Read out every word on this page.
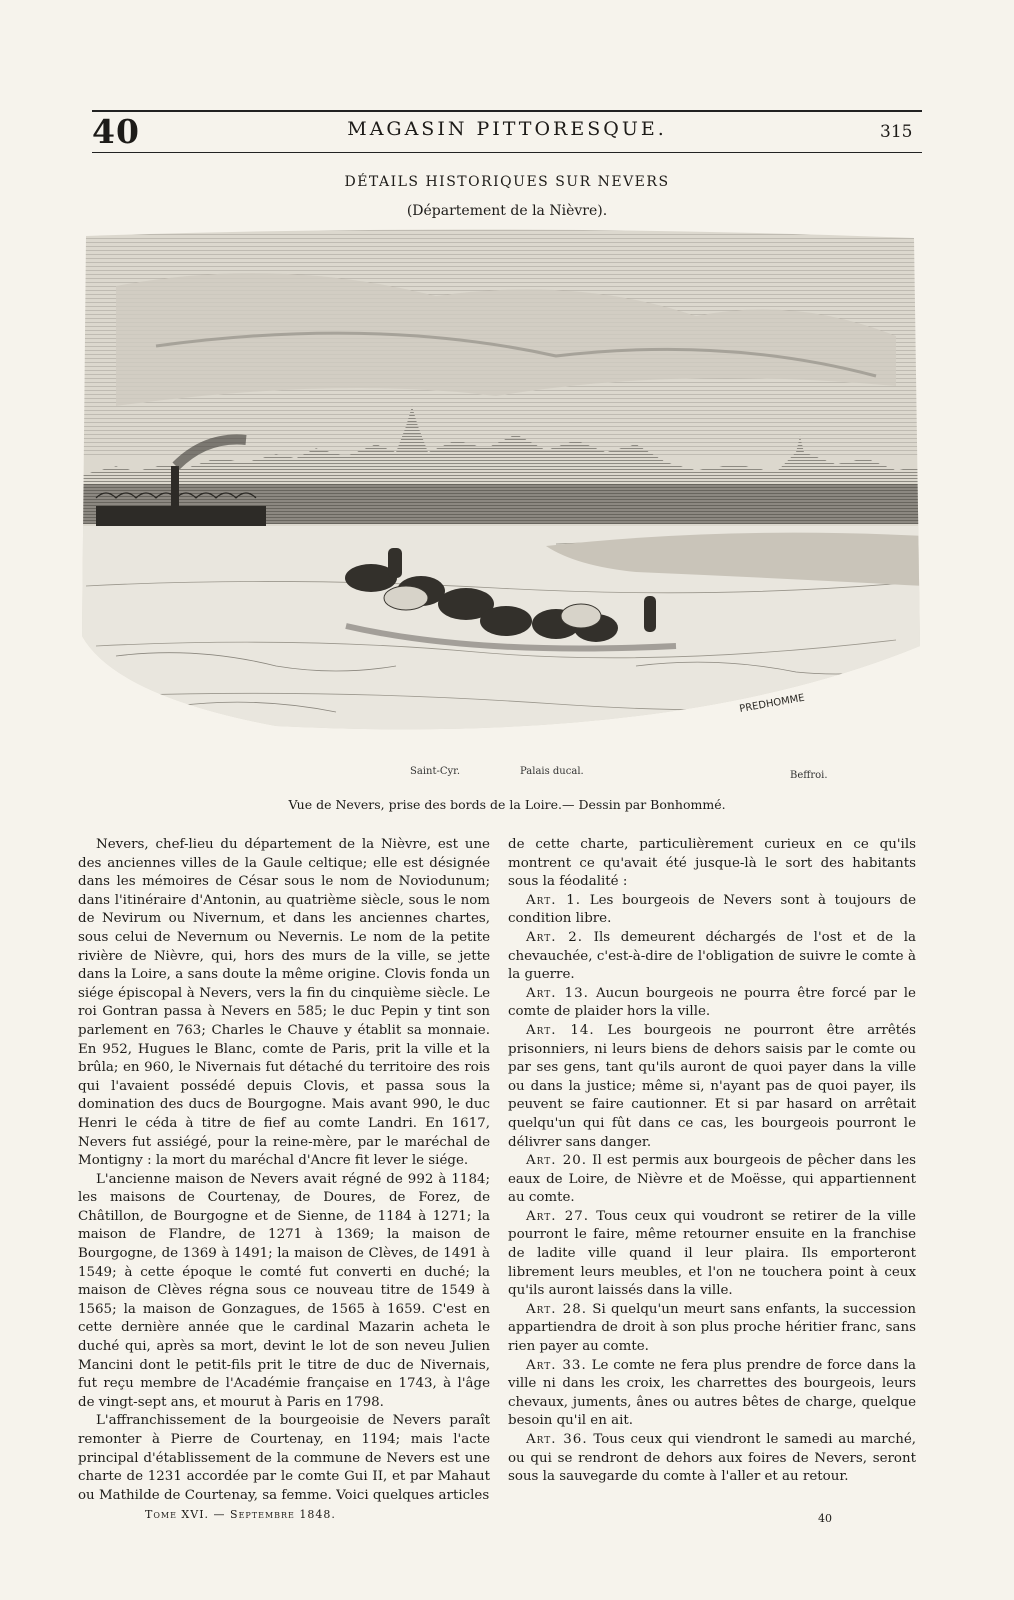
40	MAGASIN PITTORESQUE.	315
DÉTAILS HISTORIQUES SUR NEVERS
(Département de la Nièvre).
PREDHOMME
Saint-Cyr.	Palais ducal.	Beffroi.
Vue de Nevers, prise des bords de la Loire.— Dessin par Bonhommé.

Nevers, chef-lieu du département de la Nièvre, est une des anciennes villes de la Gaule celtique; elle est désignée dans les mémoires de César sous le nom de Noviodunum; dans l'itinéraire d'Antonin, au quatrième siècle, sous le nom de Nevirum ou Nivernum, et dans les anciennes chartes, sous celui de Nevernum ou Nevernis. Le nom de la petite rivière de Nièvre, qui, hors des murs de la ville, se jette dans la Loire, a sans doute la même origine. Clovis fonda un siége épiscopal à Nevers, vers la fin du cinquième siècle. Le roi Gontran passa à Nevers en 585; le duc Pepin y tint son parlement en 763; Charles le Chauve y établit sa monnaie. En 952, Hugues le Blanc, comte de Paris, prit la ville et la brûla; en 960, le Nivernais fut détaché du territoire des rois qui l'avaient possédé depuis Clovis, et passa sous la domination des ducs de Bourgogne. Mais avant 990, le duc Henri le céda à titre de fief au comte Landri. En 1617, Nevers fut assiégé, pour la reine-mère, par le maréchal de Montigny : la mort du maréchal d'Ancre fit lever le siége.

L'ancienne maison de Nevers avait régné de 992 à 1184; les maisons de Courtenay, de Doures, de Forez, de Châtillon, de Bourgogne et de Sienne, de 1184 à 1271; la maison de Flandre, de 1271 à 1369; la maison de Bourgogne, de 1369 à 1491; la maison de Clèves, de 1491 à 1549; à cette époque le comté fut converti en duché; la maison de Clèves régna sous ce nouveau titre de 1549 à 1565; la maison de Gonzagues, de 1565 à 1659. C'est en cette dernière année que le cardinal Mazarin acheta le duché qui, après sa mort, devint le lot de son neveu Julien Mancini dont le petit-fils prit le titre de duc de Nivernais, fut reçu membre de l'Académie française en 1743, à l'âge de vingt-sept ans, et mourut à Paris en 1798.

L'affranchissement de la bourgeoisie de Nevers paraît remonter à Pierre de Courtenay, en 1194; mais l'acte principal d'établissement de la commune de Nevers est une charte de 1231 accordée par le comte Gui II, et par Mahaut ou Mathilde de Courtenay, sa femme. Voici quelques articles

de cette charte, particulièrement curieux en ce qu'ils montrent ce qu'avait été jusque-là le sort des habitants sous la féodalité :

Art. 1. Les bourgeois de Nevers sont à toujours de condition libre.

Art. 2. Ils demeurent déchargés de l'ost et de la chevauchée, c'est-à-dire de l'obligation de suivre le comte à la guerre.

Art. 13. Aucun bourgeois ne pourra être forcé par le comte de plaider hors la ville.

Art. 14. Les bourgeois ne pourront être arrêtés prisonniers, ni leurs biens de dehors saisis par le comte ou par ses gens, tant qu'ils auront de quoi payer dans la ville ou dans la justice; même si, n'ayant pas de quoi payer, ils peuvent se faire cautionner. Et si par hasard on arrêtait quelqu'un qui fût dans ce cas, les bourgeois pourront le délivrer sans danger.

Art. 20. Il est permis aux bourgeois de pêcher dans les eaux de Loire, de Nièvre et de Moësse, qui appartiennent au comte.

Art. 27. Tous ceux qui voudront se retirer de la ville pourront le faire, même retourner ensuite en la franchise de ladite ville quand il leur plaira. Ils emporteront librement leurs meubles, et l'on ne touchera point à ceux qu'ils auront laissés dans la ville.

Art. 28. Si quelqu'un meurt sans enfants, la succession appartiendra de droit à son plus proche héritier franc, sans rien payer au comte.

Art. 33. Le comte ne fera plus prendre de force dans la ville ni dans les croix, les charrettes des bourgeois, leurs chevaux, juments, ânes ou autres bêtes de charge, quelque besoin qu'il en ait.

Art. 36. Tous ceux qui viendront le samedi au marché, ou qui se rendront de dehors aux foires de Nevers, seront sous la sauvegarde du comte à l'aller et au retour.

Tome XVI. — Septembre 1848.	40
